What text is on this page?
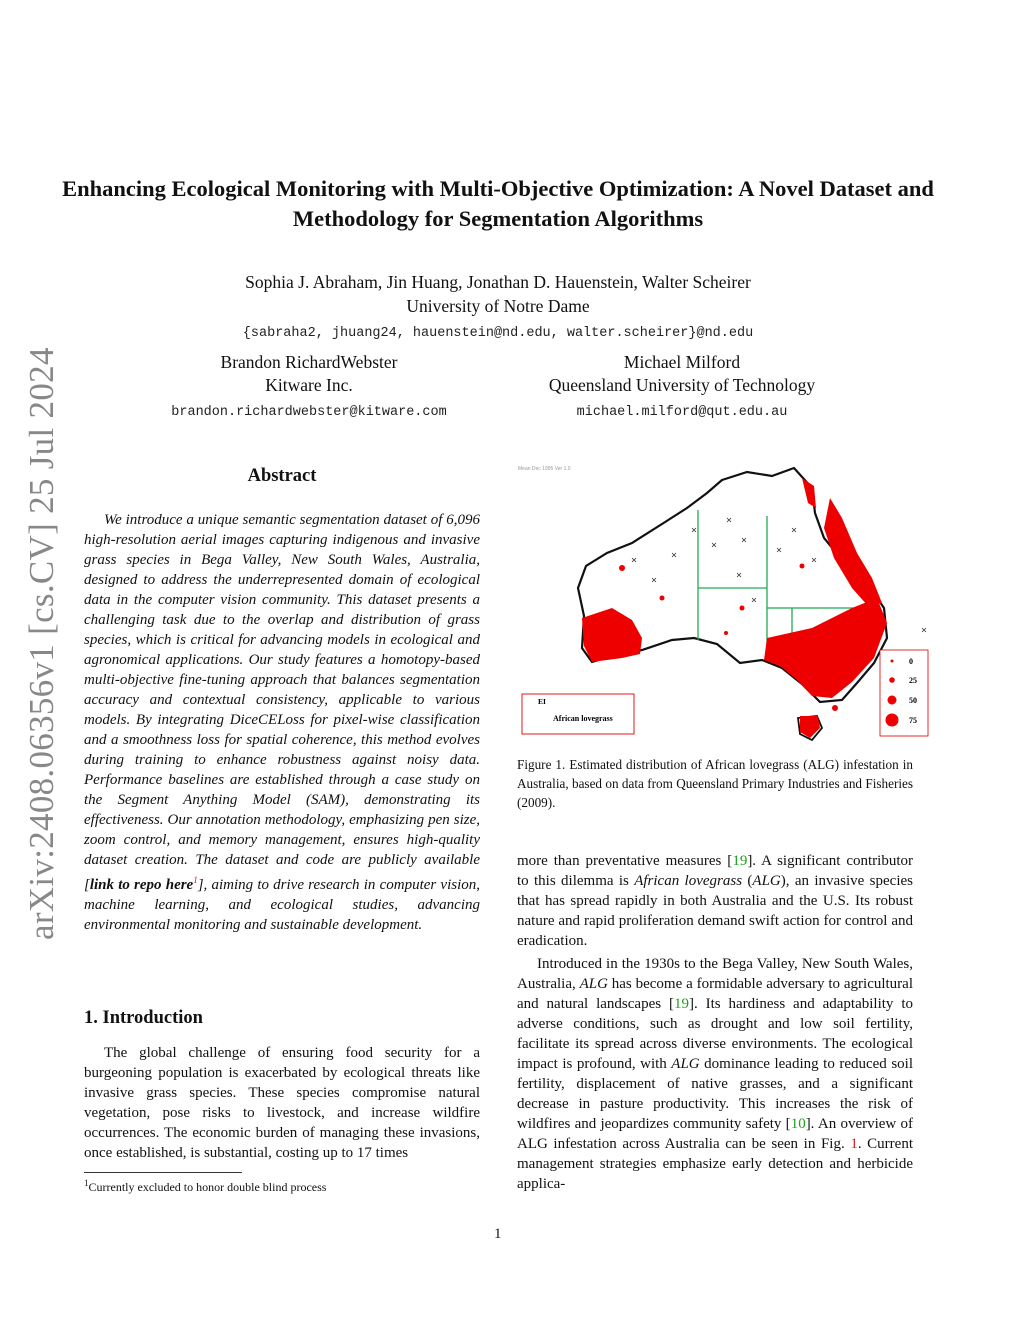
arXiv:2408.06356v1 [cs.CV] 25 Jul 2024
Enhancing Ecological Monitoring with Multi-Objective Optimization: A Novel Dataset and Methodology for Segmentation Algorithms
Sophia J. Abraham, Jin Huang, Jonathan D. Hauenstein, Walter Scheirer
University of Notre Dame
{sabraha2, jhuang24, hauenstein@nd.edu, walter.scheirer}@nd.edu
Brandon RichardWebster
Kitware Inc.
brandon.richardwebster@kitware.com
Michael Milford
Queensland University of Technology
michael.milford@qut.edu.au
Abstract

We introduce a unique semantic segmentation dataset of 6,096 high-resolution aerial images capturing indigenous and invasive grass species in Bega Valley, New South Wales, Australia, designed to address the underrepresented domain of ecological data in the computer vision community. This dataset presents a challenging task due to the overlap and distribution of grass species, which is critical for advancing models in ecological and agronomical applications. Our study features a homotopy-based multi-objective fine-tuning approach that balances segmentation accuracy and contextual consistency, applicable to various models. By integrating DiceCELoss for pixel-wise classification and a smoothness loss for spatial coherence, this method evolves during training to enhance robustness against noisy data. Performance baselines are established through a case study on the Segment Anything Model (SAM), demonstrating its effectiveness. Our annotation methodology, emphasizing pen size, zoom control, and memory management, ensures high-quality dataset creation. The dataset and code are publicly available [link to repo here$^1$], aiming to drive research in computer vision, machine learning, and ecological studies, advancing environmental monitoring and sustainable development.

1. Introduction

The global challenge of ensuring food security for a burgeoning population is exacerbated by ecological threats like invasive grass species. These species compromise natural vegetation, pose risks to livestock, and increase wildfire occurrences. The economic burden of managing these invasions, once established, is substantial, costing up to 17 times

$^1$Currently excluded to honor double blind process
Mean Dec 1995 Ver 1.0
0
25
50
75
EI
African lovegrass
Figure 1. Estimated distribution of African lovegrass (ALG) infestation in Australia, based on data from Queensland Primary Industries and Fisheries (2009).

more than preventative measures [19]. A significant contributor to this dilemma is African lovegrass (ALG), an invasive species that has spread rapidly in both Australia and the U.S. Its robust nature and rapid proliferation demand swift action for control and eradication.

Introduced in the 1930s to the Bega Valley, New South Wales, Australia, ALG has become a formidable adversary to agricultural and natural landscapes [19]. Its hardiness and adaptability to adverse conditions, such as drought and low soil fertility, facilitate its spread across diverse environments. The ecological impact is profound, with ALG dominance leading to reduced soil fertility, displacement of native grasses, and a significant decrease in pasture productivity. This increases the risk of wildfires and jeopardizes community safety [10]. An overview of ALG infestation across Australia can be seen in Fig. 1. Current management strategies emphasize early detection and herbicide applica-

1
